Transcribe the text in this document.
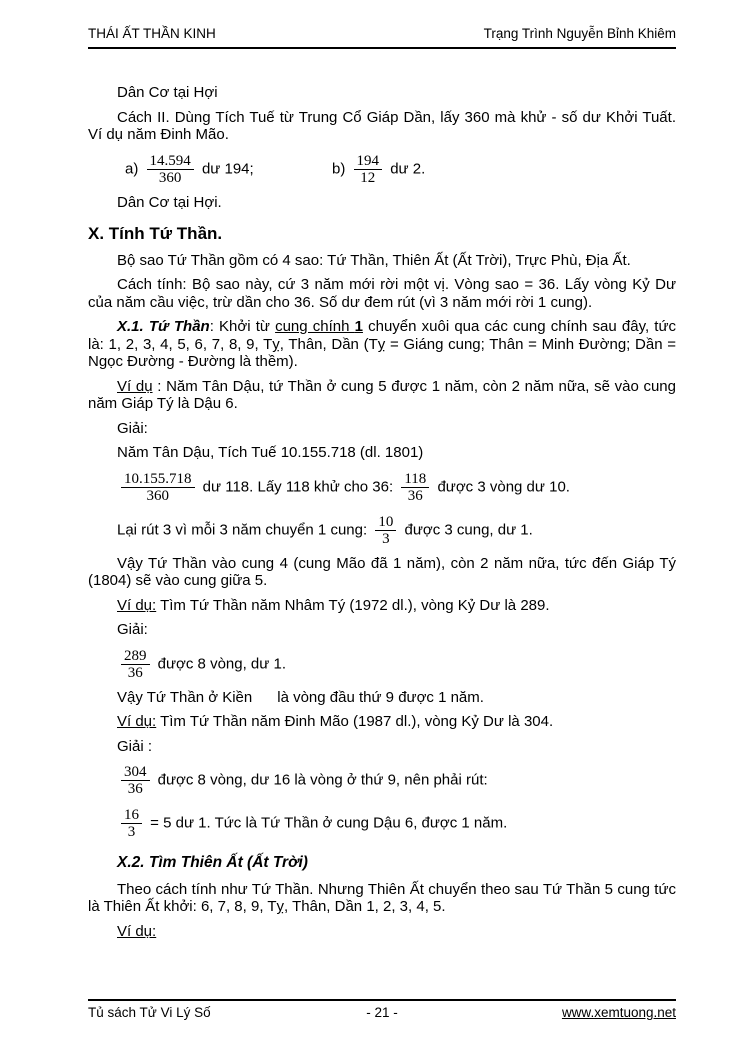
THÁI ẤT THẦN KINH	Trạng Trình Nguyễn Bỉnh Khiêm

Dân Cơ tại Hợi

Cách II. Dùng Tích Tuế từ Trung Cổ Giáp Dần, lấy 360 mà khử - số dư Khởi Tuất. Ví dụ năm Đinh Mão.

$a) \frac{14.594}{360}$ dư 194;	$b) \frac{194}{12}$ dư 2.

Dân Cơ tại Hợi.

X. Tính Tứ Thần.

Bộ sao Tứ Thần gồm có 4 sao: Tứ Thần, Thiên Ất (Ất Trời), Trực Phù, Địa Ất.

Cách tính: Bộ sao này, cứ 3 năm mới rời một vị. Vòng sao = 36. Lấy vòng Kỷ Dư của năm cầu việc, trừ dần cho 36. Số dư đem rút (vì 3 năm mới rời 1 cung).

X.1. Tứ Thần: Khởi từ cung chính 1 chuyển xuôi qua các cung chính sau đây, tức là: 1, 2, 3, 4, 5, 6, 7, 8, 9, Tỵ, Thân, Dần (Tỵ = Giáng cung; Thân = Minh Đường; Dần = Ngọc Đường - Đường là thềm).

Ví dụ : Năm Tân Dậu, tứ Thần ở cung 5 được 1 năm, còn 2 năm nữa, sẽ vào cung năm Giáp Tý là Dậu 6.

Giải:

Năm Tân Dậu, Tích Tuế 10.155.718 (dl. 1801)

$\frac{10.155.718}{360}$ dư 118. Lấy 118 khử cho 36: $\frac{118}{36}$ được 3 vòng dư 10.
Lại rút 3 vì mỗi 3 năm chuyển 1 cung: $\frac{10}{3}$ được 3 cung, dư 1.

Vậy Tứ Thần vào cung 4 (cung Mão đã 1 năm), còn 2 năm nữa, tức đến Giáp Tý (1804) sẽ vào cung giữa 5.

Ví dụ: Tìm Tứ Thần năm Nhâm Tý (1972 dl.), vòng Kỷ Dư là 289.

Giải:

$\frac{289}{36}$ được 8 vòng, dư 1.

Vậy Tứ Thần ở Kiền      là vòng đầu thứ 9 được 1 năm.

Ví dụ: Tìm Tứ Thần năm Đinh Mão (1987 dl.), vòng Kỷ Dư là 304.

Giải :

$\frac{304}{36}$ được 8 vòng, dư 16 là vòng ở thứ 9, nên phải rút:
$\frac{16}{3} = 5$ dư 1. Tức là Tứ Thần ở cung Dậu 6, được 1 năm.
X.2. Tìm Thiên Ất (Ất Trời)

Theo cách tính như Tứ Thần. Nhưng Thiên Ất chuyển theo sau Tứ Thần 5 cung tức là Thiên Ất khởi: 6, 7, 8, 9, Tỵ, Thân, Dần 1, 2, 3, 4, 5.

Ví dụ:

Tủ sách Tử Vi Lý Số	- 21 -	www.xemtuong.net
